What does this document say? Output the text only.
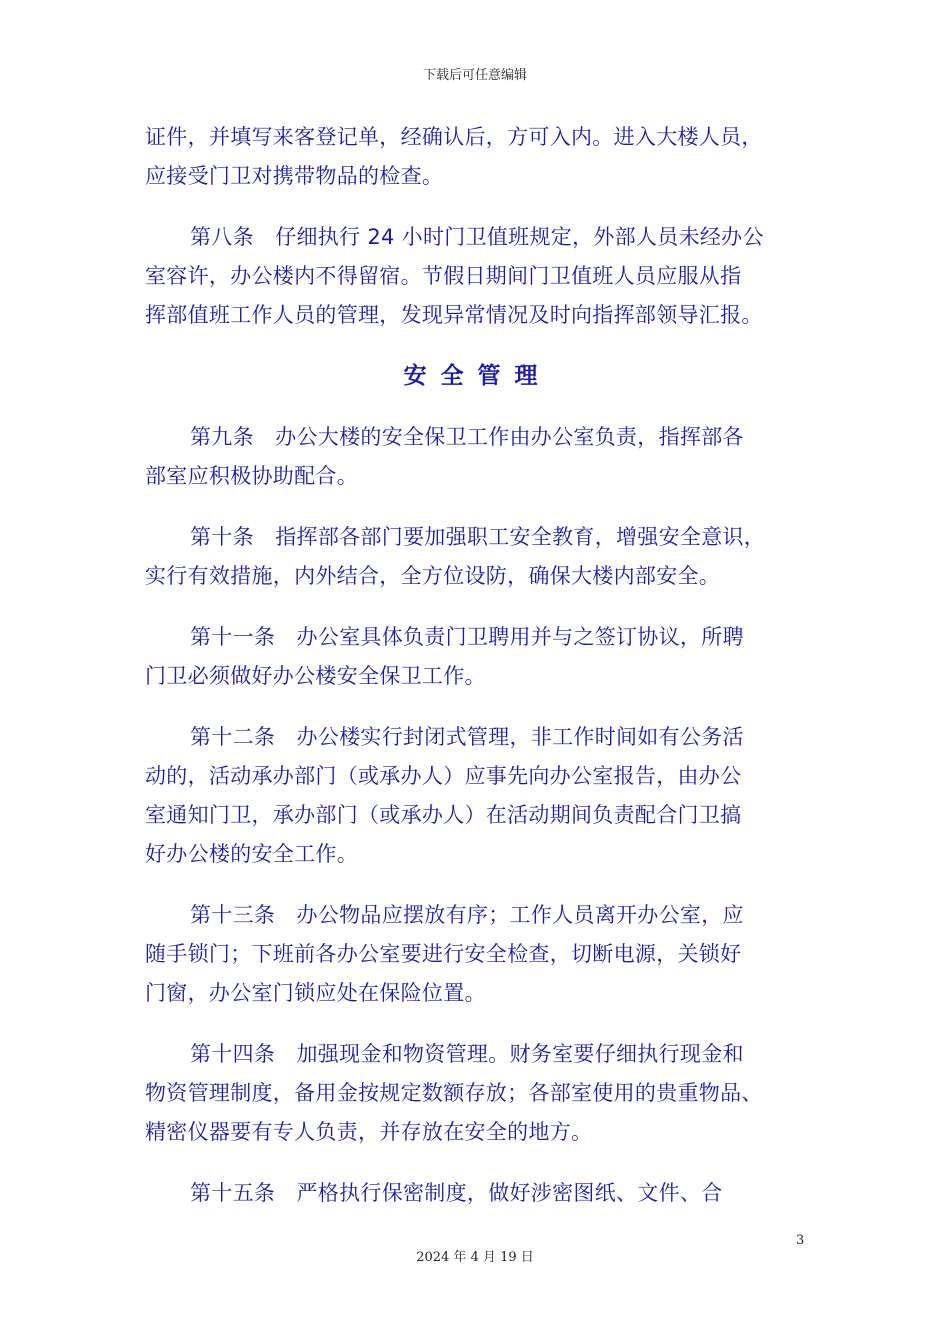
下载后可任意编辑

证件，并填写来客登记单，经确认后，方可入内。进入大楼人员，
应接受门卫对携带物品的检查。

第八条　仔细执行 24 小时门卫值班规定，外部人员未经办公
室容许，办公楼内不得留宿。节假日期间门卫值班人员应服从指
挥部值班工作人员的管理，发现异常情况及时向指挥部领导汇报。

安全管理

第九条　办公大楼的安全保卫工作由办公室负责，指挥部各
部室应积极协助配合。

第十条　指挥部各部门要加强职工安全教育，增强安全意识，
实行有效措施，内外结合，全方位设防，确保大楼内部安全。

第十一条　办公室具体负责门卫聘用并与之签订协议，所聘
门卫必须做好办公楼安全保卫工作。

第十二条　办公楼实行封闭式管理，非工作时间如有公务活
动的，活动承办部门（或承办人）应事先向办公室报告，由办公
室通知门卫，承办部门（或承办人）在活动期间负责配合门卫搞
好办公楼的安全工作。

第十三条　办公物品应摆放有序；工作人员离开办公室，应
随手锁门；下班前各办公室要进行安全检查，切断电源，关锁好
门窗，办公室门锁应处在保险位置。

第十四条　加强现金和物资管理。财务室要仔细执行现金和
物资管理制度，备用金按规定数额存放；各部室使用的贵重物品、
精密仪器要有专人负责，并存放在安全的地方。

第十五条　严格执行保密制度，做好涉密图纸、文件、合

3
2024 年 4 月 19 日
